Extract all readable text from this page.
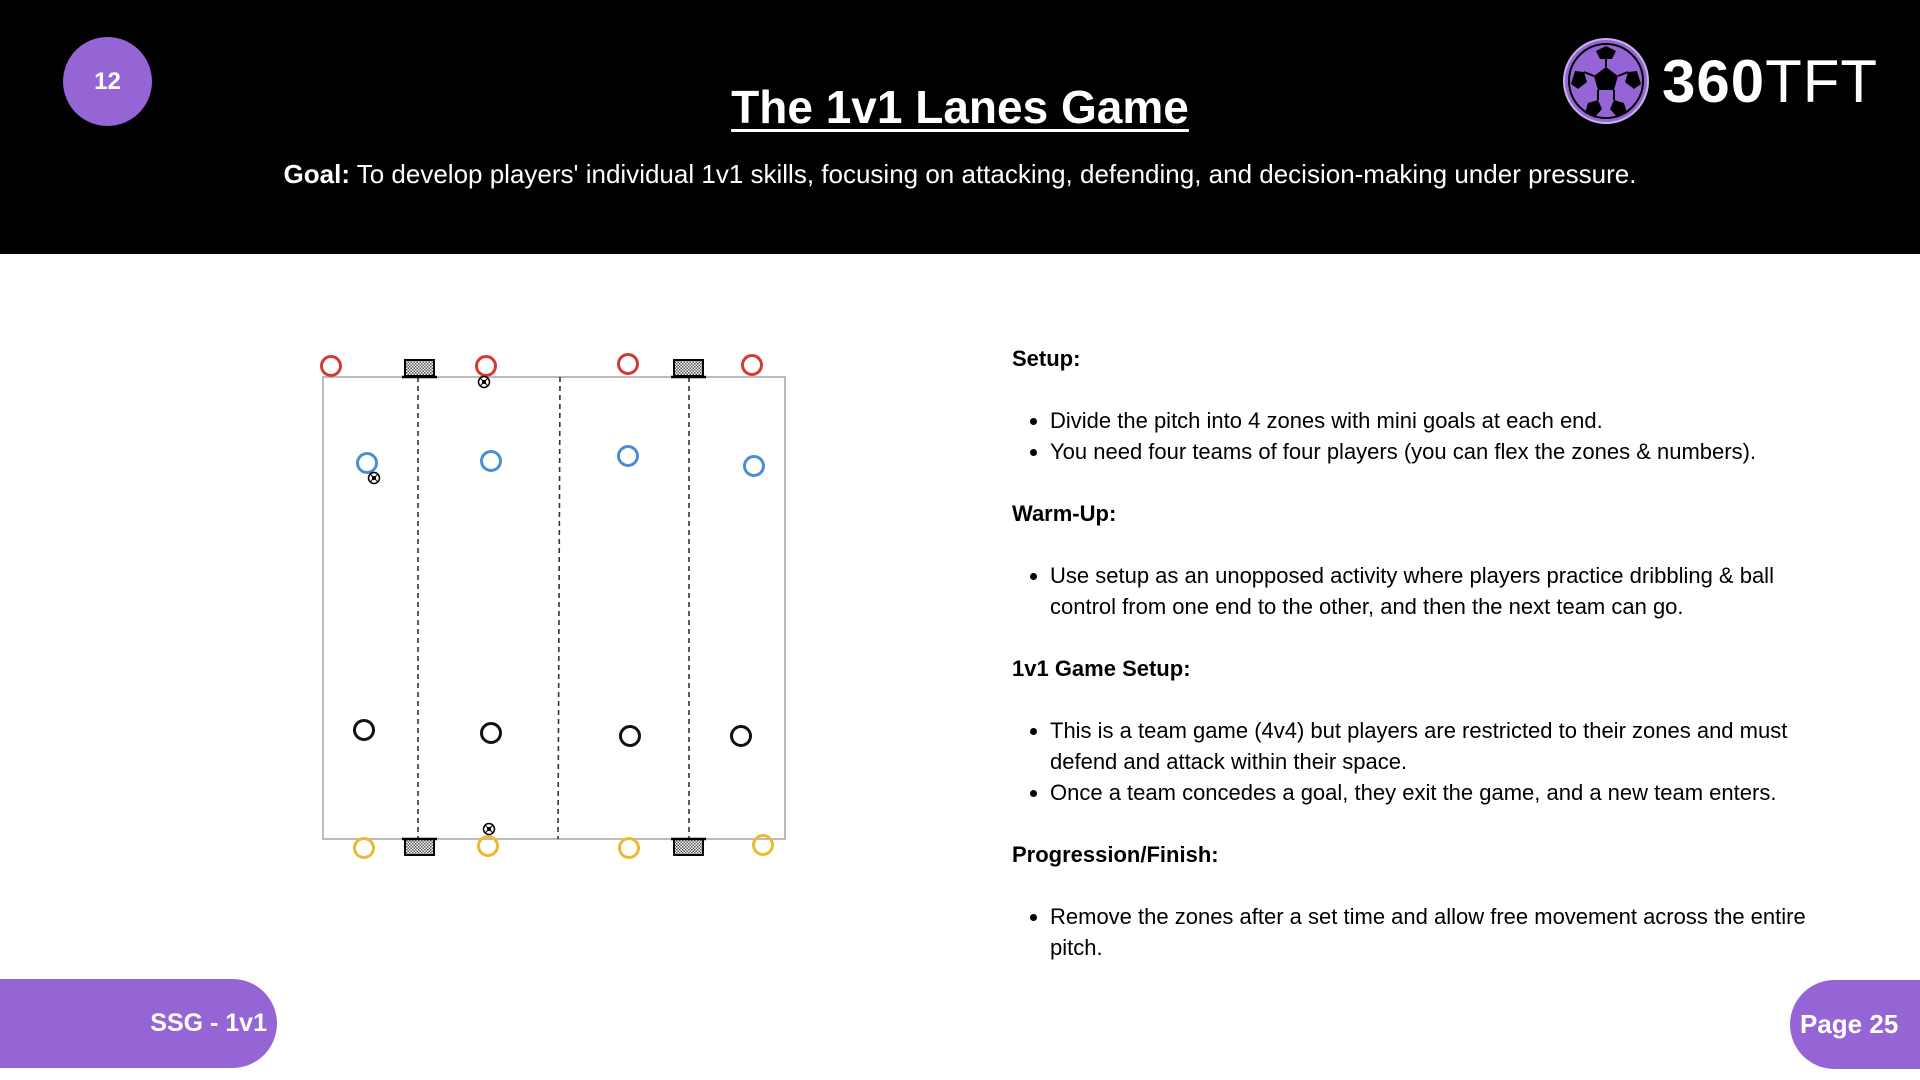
12	The 1v1 Lanes Game
Goal: To develop players' individual 1v1 skills, focusing on attacking, defending, and decision-making under pressure.
360TFT

Setup:

• Divide the pitch into 4 zones with mini goals at each end.
• You need four teams of four players (you can flex the zones & numbers).

Warm-Up:

• Use setup as an unopposed activity where players practice dribbling & ball control from one end to the other, and then the next team can go.

1v1 Game Setup:

• This is a team game (4v4) but players are restricted to their zones and must defend and attack within their space.
• Once a team concedes a goal, they exit the game, and a new team enters.

Progression/Finish:

• Remove the zones after a set time and allow free movement across the entire pitch.
SSG - 1v1	Page 25
